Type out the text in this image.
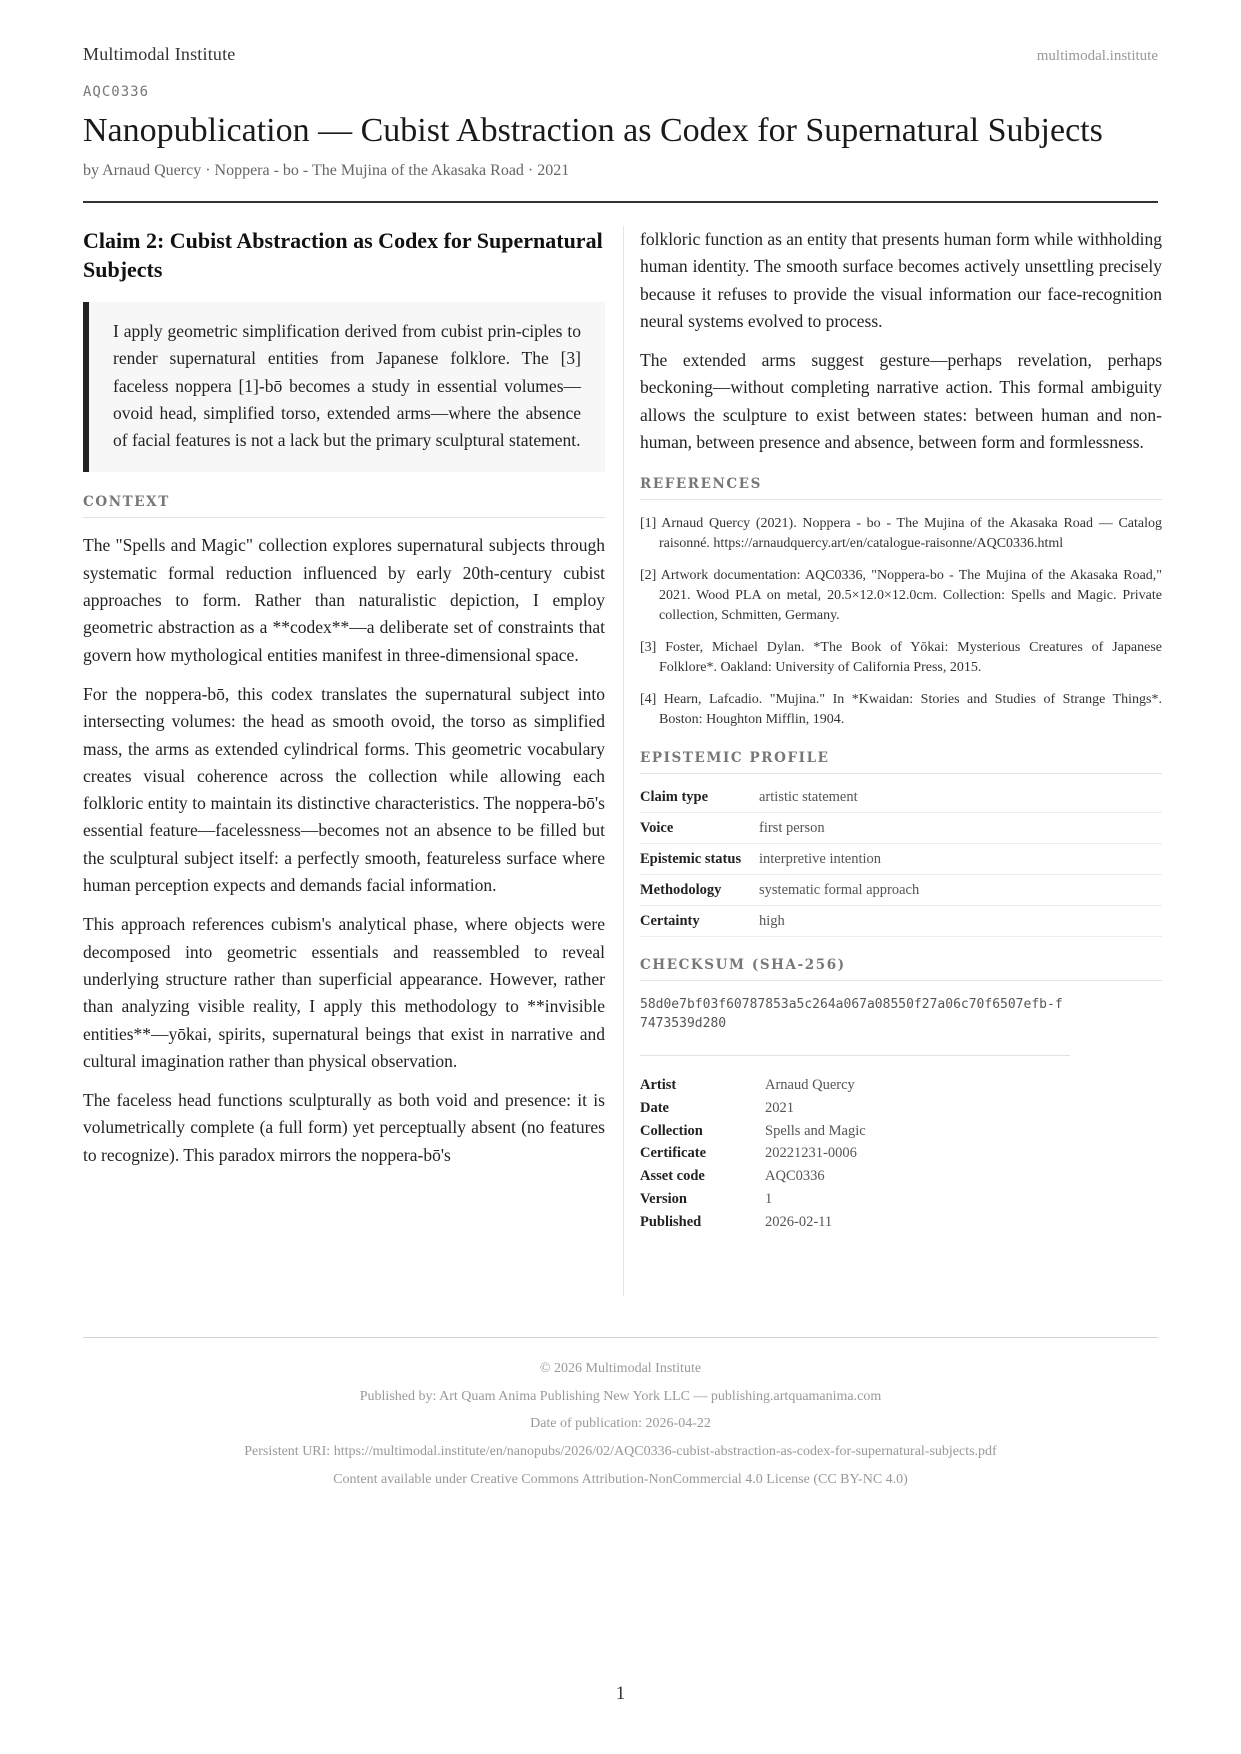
Multimodal Institute	multimodal.institute
AQC0336
Nanopublication — Cubist Abstraction as Codex for Supernatural Subjects
by Arnaud Quercy · Noppera - bo - The Mujina of the Akasaka Road · 2021
Claim 2: Cubist Abstraction as Codex for Supernatural Subjects
I apply geometric simplification derived from cubist prin-ciples to render supernatural entities from Japanese folklore. The [3] faceless noppera [1]-bō becomes a study in essential volumes—ovoid head, simplified torso, extended arms—where the absence of facial features is not a lack but the primary sculptural statement.
CONTEXT

The "Spells and Magic" collection explores supernatural subjects through systematic formal reduction influenced by early 20th-century cubist approaches to form. Rather than naturalistic depiction, I employ geometric abstraction as a **codex**—a deliberate set of constraints that govern how mythological entities manifest in three-dimensional space.

For the noppera-bō, this codex translates the supernatural subject into intersecting volumes: the head as smooth ovoid, the torso as simplified mass, the arms as extended cylindrical forms. This geometric vocabulary creates visual coherence across the collection while allowing each folkloric entity to maintain its distinctive characteristics. The noppera-bō's essential feature—facelessness—becomes not an absence to be filled but the sculptural subject itself: a perfectly smooth, featureless surface where human perception expects and demands facial information.

This approach references cubism's analytical phase, where objects were decomposed into geometric essentials and reassembled to reveal underlying structure rather than superficial appearance. However, rather than analyzing visible reality, I apply this methodology to **invisible entities**—yōkai, spirits, supernatural beings that exist in narrative and cultural imagination rather than physical observation.

The faceless head functions sculpturally as both void and presence: it is volumetrically complete (a full form) yet perceptually absent (no features to recognize). This paradox mirrors the noppera-bō's

folkloric function as an entity that presents human form while withholding human identity. The smooth surface becomes actively unsettling precisely because it refuses to provide the visual information our face-recognition neural systems evolved to process.

The extended arms suggest gesture—perhaps revelation, perhaps beckoning—without completing narrative action. This formal ambiguity allows the sculpture to exist between states: between human and non-human, between presence and absence, between form and formlessness.

REFERENCES
[1] Arnaud Quercy (2021). Noppera - bo - The Mujina of the Akasaka Road — Catalog raisonné. https://arnaudquercy.art/en/catalogue-raisonne/AQC0336.html
[2] Artwork documentation: AQC0336, "Noppera-bo - The Mujina of the Akasaka Road," 2021. Wood PLA on metal, 20.5×12.0×12.0cm. Collection: Spells and Magic. Private collection, Schmitten, Germany.
[3] Foster, Michael Dylan. *The Book of Yōkai: Mysterious Creatures of Japanese Folklore*. Oakland: University of California Press, 2015.
[4] Hearn, Lafcadio. "Mujina." In *Kwaidan: Stories and Studies of Strange Things*. Boston: Houghton Mifflin, 1904.
EPISTEMIC PROFILE
Claim type	artistic statement
Voice	first person
Epistemic status	interpretive intention
Methodology	systematic formal approach
Certainty	high
CHECKSUM (SHA-256)
58d0e7bf03f60787853a5c264a067a08550f27a06c70f6507efb-f7473539d280
Artist	Arnaud Quercy
Date	2021
Collection	Spells and Magic
Certificate	20221231-0006
Asset code	AQC0336
Version	1
Published	2026-02-11
© 2026 Multimodal Institute
Published by: Art Quam Anima Publishing New York LLC — publishing.artquamanima.com
Date of publication: 2026-04-22
Persistent URI: https://multimodal.institute/en/nanopubs/2026/02/AQC0336-cubist-abstraction-as-codex-for-supernatural-subjects.pdf
Content available under Creative Commons Attribution-NonCommercial 4.0 License (CC BY-NC 4.0)
1
